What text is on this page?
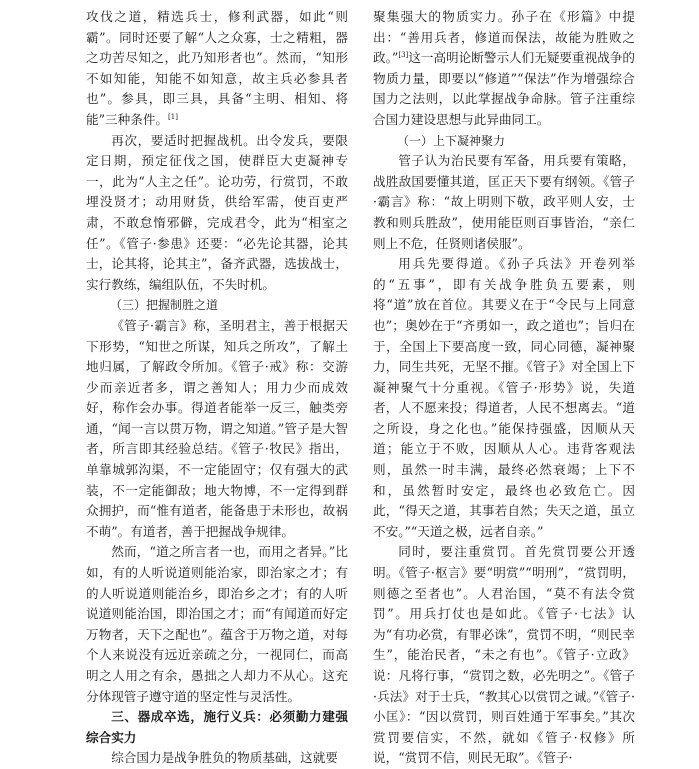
攻伐之道，精选兵士，修利武器，如此“则霸”。同时还要了解“人之众寡，士之精粗，器之功苦尽知之，此乃知形者也”。然而，“知形不如知能，知能不如知意，故主兵必参具者也”。参具，即三具，具备“主明、相知、将能”三种条件。[1]

再次，要适时把握战机。出令发兵，要限定日期，预定征伐之国，使群臣大吏凝神专一，此为“人主之任”。论功劳，行赏罚，不敢埋没贤才；动用财货，供给军需，使百吏严肃，不敢怠惰邪僻，完成君令，此为“相室之任”。《管子·参患》还要：“必先论其器，论其士，论其将，论其主”，备齐武器，选拔战士，实行教练，编组队伍，不失时机。

（三）把握制胜之道

《管子·霸言》称，圣明君主，善于根据天下形势，“知世之所谋，知兵之所攻”，了解土地归属，了解政令所加。《管子·戒》称：交游少而亲近者多，谓之善知人；用力少而成效好，称作会办事。得道者能举一反三，触类旁通，“闻一言以贯万物，谓之知道。”管子是大智者，所言即其经验总结。《管子·牧民》指出，单靠城郭沟渠，不一定能固守；仅有强大的武装，不一定能御敌；地大物博，不一定得到群众拥护，而“惟有道者，能备患于未形也，故祸不萌”。有道者，善于把握战争规律。

然而，“道之所言者一也，而用之者异。”比如，有的人听说道则能治家，即治家之才；有的人听说道则能治乡，即治乡之才；有的人听说道则能治国，即治国之才；而“有闻道而好定万物者，天下之配也”。蕴含于万物之道，对每个人来说没有远近亲疏之分，一视同仁，而高明之人用之有余，愚拙之人却力不从心。这充分体现管子遵守道的坚定性与灵活性。

三、器成卒选，施行义兵：必须勤力建强综合实力

综合国力是战争胜负的物质基础，这就要

聚集强大的物质实力。孙子在《形篇》中提出：“善用兵者，修道而保法，故能为胜败之政。”[3]这一高明论断警示人们无疑要重视战争的物质力量，即要以“修道”“保法”作为增强综合国力之法则，以此掌握战争命脉。管子注重综合国力建设思想与此异曲同工。

（一）上下凝神聚力

管子认为治民要有军备，用兵要有策略，战胜敌国要懂其道，匡正天下要有纲领。《管子·霸言》称：“故上明则下敬，政平则人安，士教和则兵胜敌”，使用能臣则百事皆治，“亲仁则上不危，任贤则诸侯服”。

用兵先要得道。《孙子兵法》开卷列举的“五事”，即有关战争胜负五要素，则将“道”放在首位。其要义在于“令民与上同意也”；奥妙在于“齐勇如一，政之道也”；旨归在于，全国上下要高度一致，同心同德，凝神聚力，同生共死，无坚不摧。《管子》对全国上下凝神聚气十分重视。《管子·形势》说，失道者，人不愿来投；得道者，人民不想离去。“道之所设，身之化也。”能保持强盛，因顺从天道；能立于不败，因顺从人心。违背客观法则，虽然一时丰满，最终必然衰竭；上下不和，虽然暂时安定，最终也必致危亡。因此，“得天之道，其事若自然；失天之道，虽立不安。”“天道之极，远者自亲。”

同时，要注重赏罚。首先赏罚要公开透明。《管子·枢言》要“明赏”“明刑”，“赏罚明，则德之至者也”。人君治国，“莫不有法令赏罚”。用兵打仗也是如此。《管子·七法》认为“有功必赏，有罪必诛”，赏罚不明，“则民幸生”，能治民者，“未之有也”。《管子·立政》说：凡将行事，“赏罚之数，必先明之”。《管子·兵法》对于士兵，“教其心以赏罚之诚。”《管子·小匡》：“因以赏罚，则百姓通于军事矣。”其次赏罚要信实，不然，就如《管子·权修》所说，“赏罚不信，则民无取”。《管子·
